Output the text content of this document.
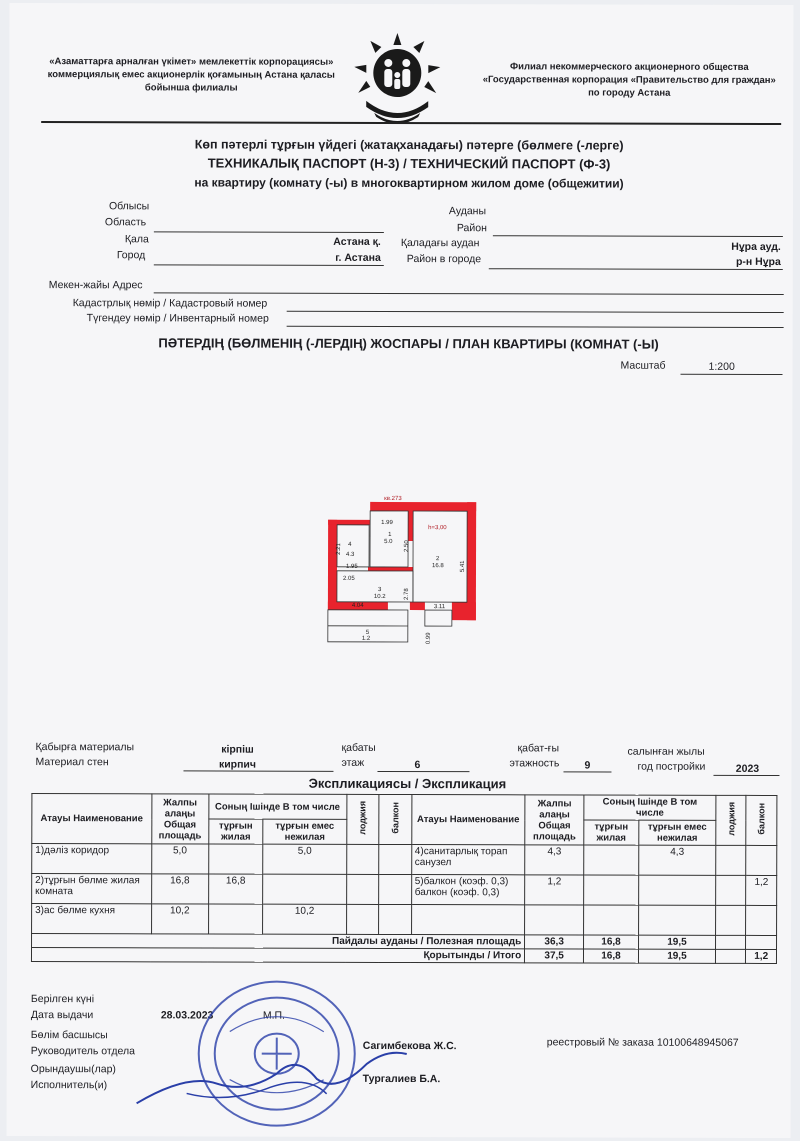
«Азаматтарға арналған үкімет» мемлекеттік корпорациясы» коммерциялық емес акционерлік қоғамының Астана қаласы бойынша филиалы
Филиал некоммерческого акционерного общества «Государственная корпорация «Правительство для граждан» по городу Астана
Көп пәтерлі тұрғын үйдегі (жатақханадағы) пәтерге (бөлмеге (-лерге)
ТЕХНИКАЛЫҚ ПАСПОРТ (Н-3) / ТЕХНИЧЕСКИЙ ПАСПОРТ (Ф-3)
на квартиру (комнату (-ы) в многоквартирном жилом доме (общежитии)
Облысы
Область
Ауданы
Район
Қала
Город
Астана қ.
г. Астана
Қаладағы аудан
Район в городе
Нұра ауд.
р-н Нұра
Мекен-жайы Адрес
Кадастрлық нөмір / Кадастровый номер
Түгендеу нөмір / Инвентарный номер
ПӘТЕРДІҢ (БӨЛМЕНІҢ (-ЛЕРДІҢ) ЖОСПАРЫ / ПЛАН КВАРТИРЫ (КОМНАТ (-Ы)
Масштаб	1:200
кв.273
h=3,00
1.99
2.50
5.41
2.21
1.95
2.05
2.78
4.04	3.11
0.99
1
5.0
2
16.8
3
10.2
4
4.3
5
1.2
Қабырға материалы
Материал стен
кірпіш
кирпич
қабаты
этаж	6
қабат-ғы
этажность	9
салынған жылы
год постройки	2023
Экспликациясы / Экспликация
Атауы Наименование	Жалпы алаңы Общая площадь	Соның Ішінде В том числе		лоджия	балкон	Атауы Наименование	Жалпы алаңы Общая площадь	Соның Ішінде В том числе		лоджия	балкон
		тұрғын жилая	тұрғын емес нежилая					тұрғын жилая	тұрғын емес нежилая		
1)дәліз коридор	5,0		5,0			4)санитарлық торап санузел	4,3		4,3		
2)тұрғын бөлме жилая комната	16,8	16,8				5)балкон (коэф. 0,3) балкон (коэф. 0,3)	1,2				1,2
3)ас бөлме кухня	10,2		10,2								
Пайдалы ауданы / Полезная площадь							36,3	16,8	19,5		
Қорытынды / Итого							37,5	16,8	19,5		1,2
Берілген күні
Дата выдачи	28.03.2023	М.П.
Бөлім басшысы
Руководитель отдела	Сагимбекова Ж.С.	реестровый № заказа 10100648945067
Орындаушы(лар)
Исполнитель(и)
Тургалиев Б.А.
